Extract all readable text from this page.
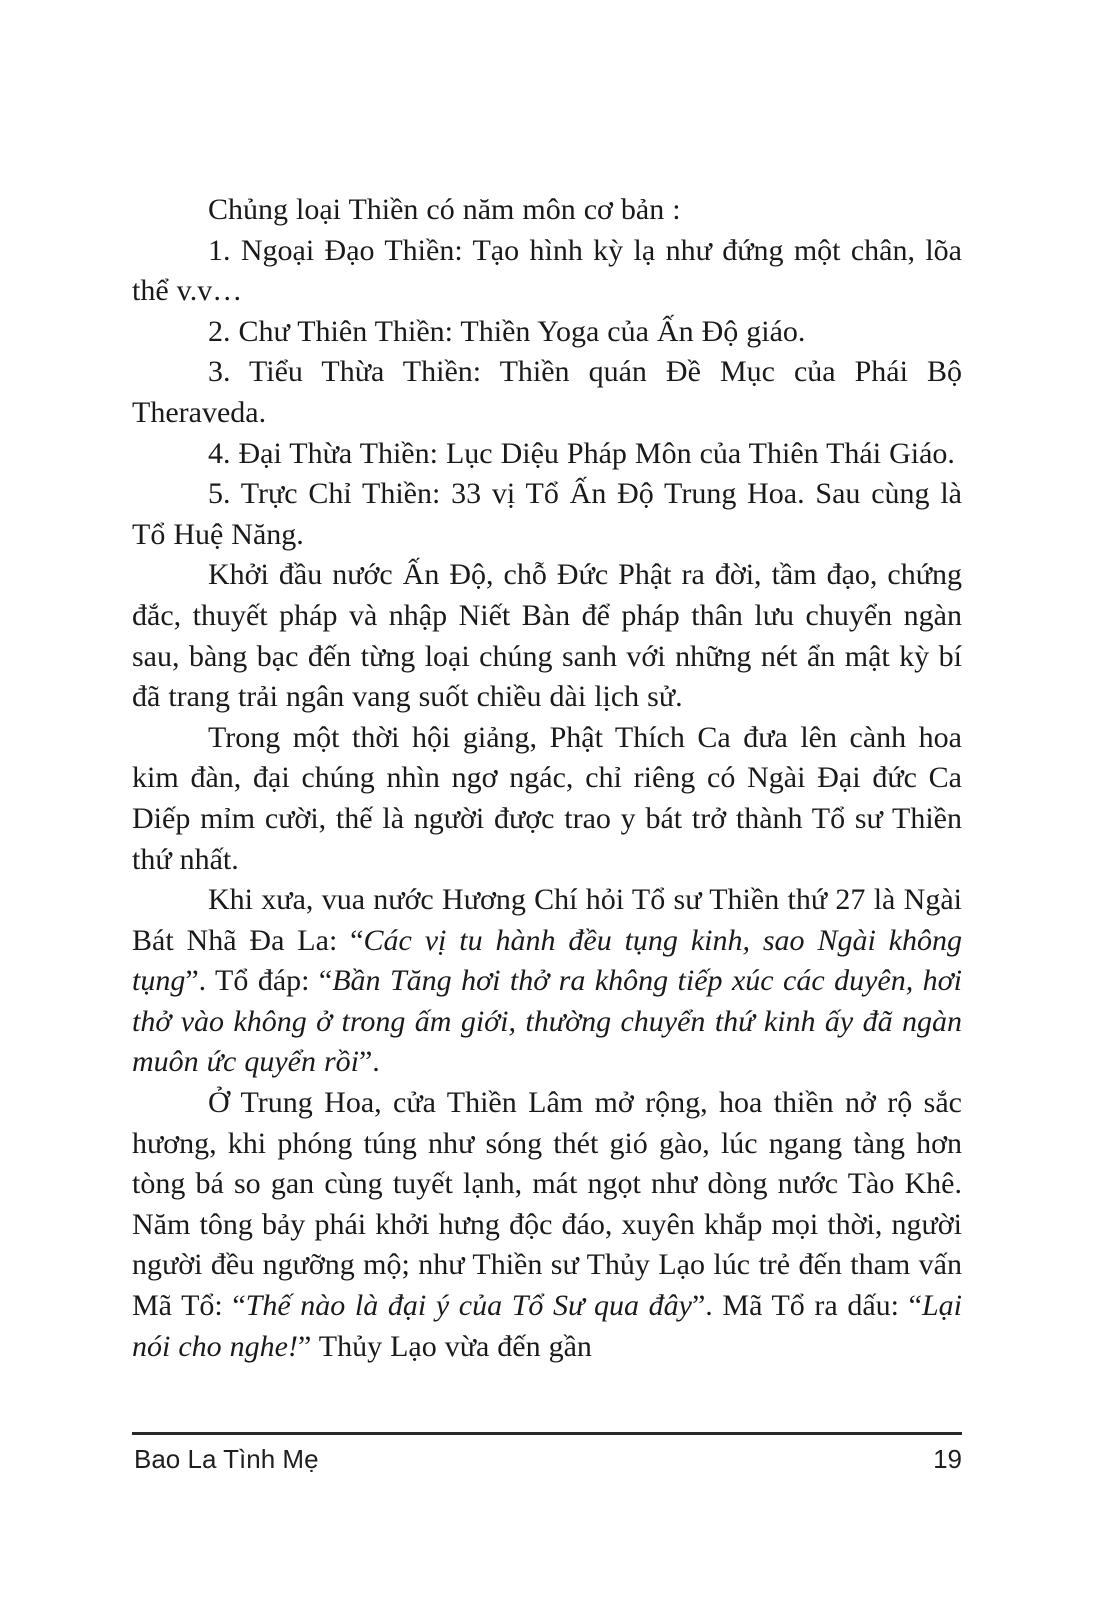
Chủng loại Thiền có năm môn cơ bản :

1. Ngoại Đạo Thiền: Tạo hình kỳ lạ như đứng một chân, lõa thể v.v…

2. Chư Thiên Thiền: Thiền Yoga của Ấn Độ giáo.

3. Tiểu Thừa Thiền: Thiền quán Đề Mục của Phái Bộ Theraveda.

4. Đại Thừa Thiền: Lục Diệu Pháp Môn của Thiên Thái Giáo.

5. Trực Chỉ Thiền: 33 vị Tổ Ấn Độ Trung Hoa. Sau cùng là Tổ Huệ Năng.

Khởi đầu nước Ấn Độ, chỗ Đức Phật ra đời, tầm đạo, chứng đắc, thuyết pháp và nhập Niết Bàn để pháp thân lưu chuyển ngàn sau, bàng bạc đến từng loại chúng sanh với những nét ẩn mật kỳ bí đã trang trải ngân vang suốt chiều dài lịch sử.

Trong một thời hội giảng, Phật Thích Ca đưa lên cành hoa kim đàn, đại chúng nhìn ngơ ngác, chỉ riêng có Ngài Đại đức Ca Diếp mỉm cười, thế là người được trao y bát trở thành Tổ sư Thiền thứ nhất.

Khi xưa, vua nước Hương Chí hỏi Tổ sư Thiền thứ 27 là Ngài Bát Nhã Đa La: “Các vị tu hành đều tụng kinh, sao Ngài không tụng”. Tổ đáp: “Bần Tăng hơi thở ra không tiếp xúc các duyên, hơi thở vào không ở trong ấm giới, thường chuyển thứ kinh ấy đã ngàn muôn ức quyển rồi”.

Ở Trung Hoa, cửa Thiền Lâm mở rộng, hoa thiền nở rộ sắc hương, khi phóng túng như sóng thét gió gào, lúc ngang tàng hơn tòng bá so gan cùng tuyết lạnh, mát ngọt như dòng nước Tào Khê. Năm tông bảy phái khởi hưng độc đáo, xuyên khắp mọi thời, người người đều ngưỡng mộ; như Thiền sư Thủy Lạo lúc trẻ đến tham vấn Mã Tổ: “Thế nào là đại ý của Tổ Sư qua đây”. Mã Tổ ra dấu: “Lại nói cho nghe!” Thủy Lạo vừa đến gần

Bao La Tình Mẹ	19
